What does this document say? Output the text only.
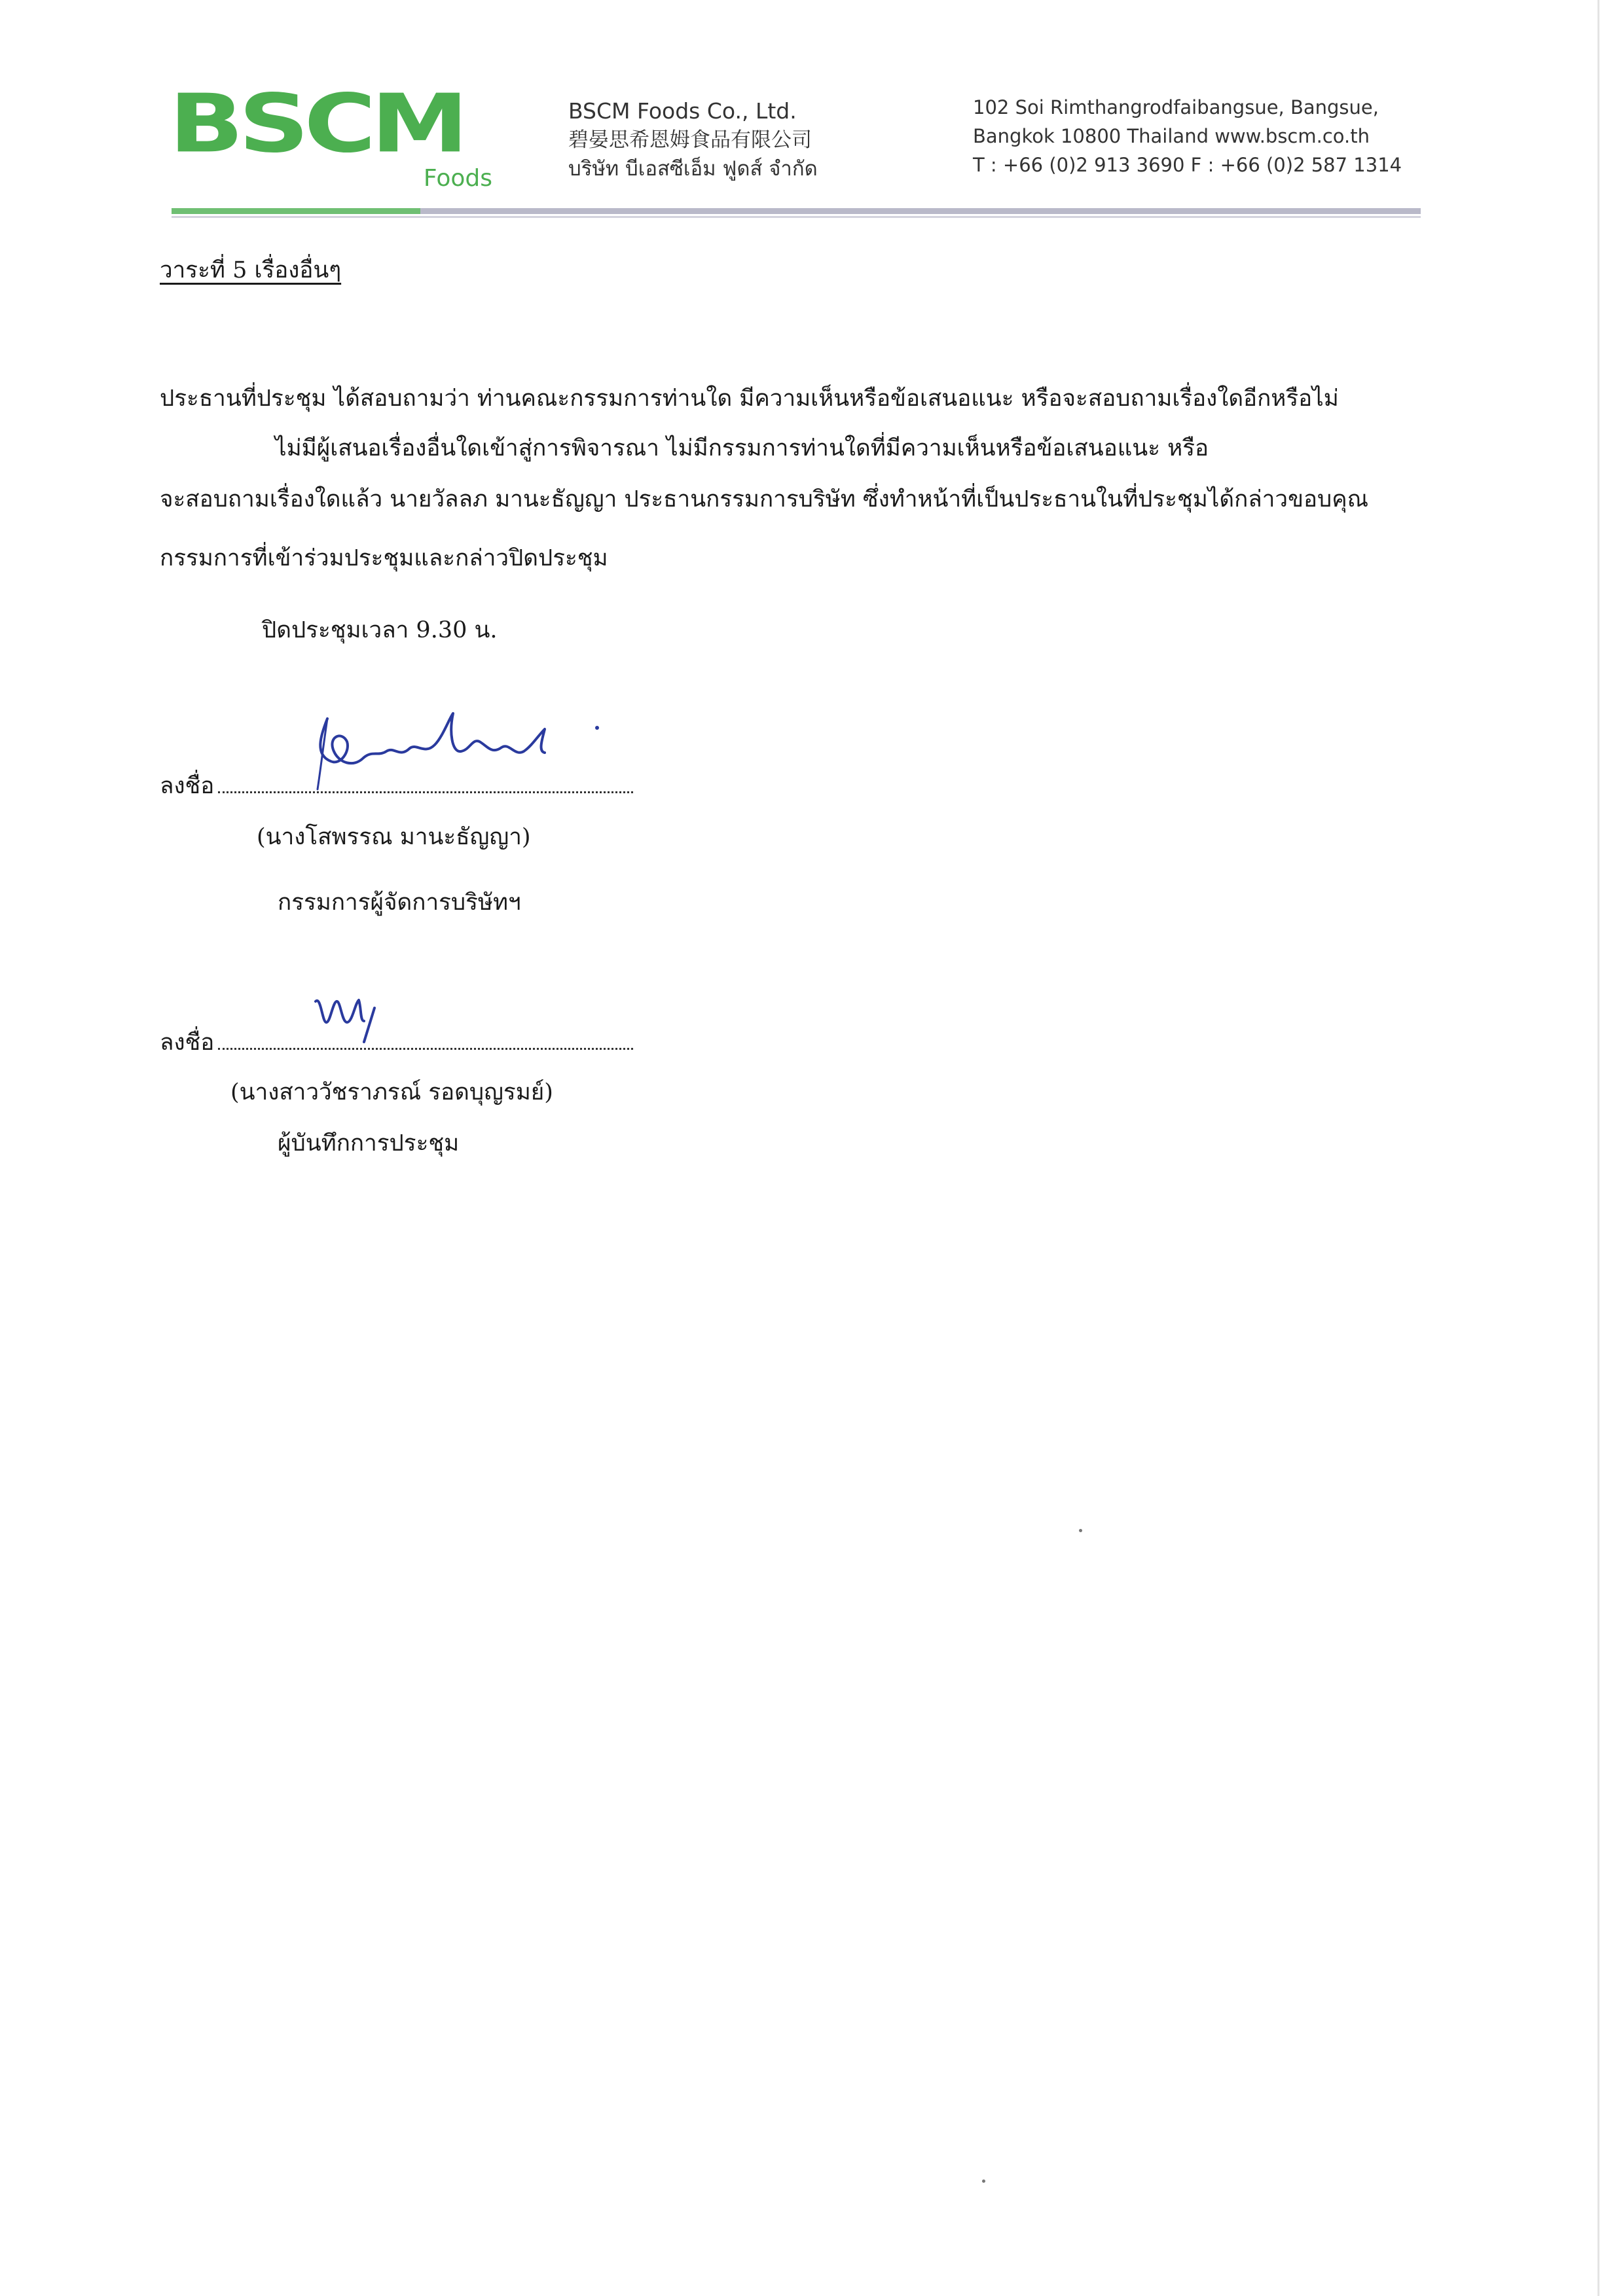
BSCM
Foods
BSCM Foods Co., Ltd.
碧晏思希恩姆食品有限公司
บริษัท บีเอสซีเอ็ม ฟูดส์ จำกัด
102 Soi Rimthangrodfaibangsue, Bangsue,
Bangkok 10800 Thailand www.bscm.co.th
T : +66 (0)2 913 3690 F : +66 (0)2 587 1314
วาระที่ 5 เรื่องอื่นๆ
ประธานที่ประชุม ได้สอบถามว่า ท่านคณะกรรมการท่านใด มีความเห็นหรือข้อเสนอแนะ หรือจะสอบถามเรื่องใดอีกหรือไม่
ไม่มีผู้เสนอเรื่องอื่นใดเข้าสู่การพิจารณา ไม่มีกรรมการท่านใดที่มีความเห็นหรือข้อเสนอแนะ หรือ
จะสอบถามเรื่องใดแล้ว นายวัลลภ มานะธัญญา ประธานกรรมการบริษัท ซึ่งทำหน้าที่เป็นประธานในที่ประชุมได้กล่าวขอบคุณ
กรรมการที่เข้าร่วมประชุมและกล่าวปิดประชุม
ปิดประชุมเวลา 9.30 น.
ลงชื่อ
(นางโสพรรณ มานะธัญญา)
กรรมการผู้จัดการบริษัทฯ
ลงชื่อ
(นางสาววัชราภรณ์ รอดบุญรมย์)
ผู้บันทึกการประชุม
